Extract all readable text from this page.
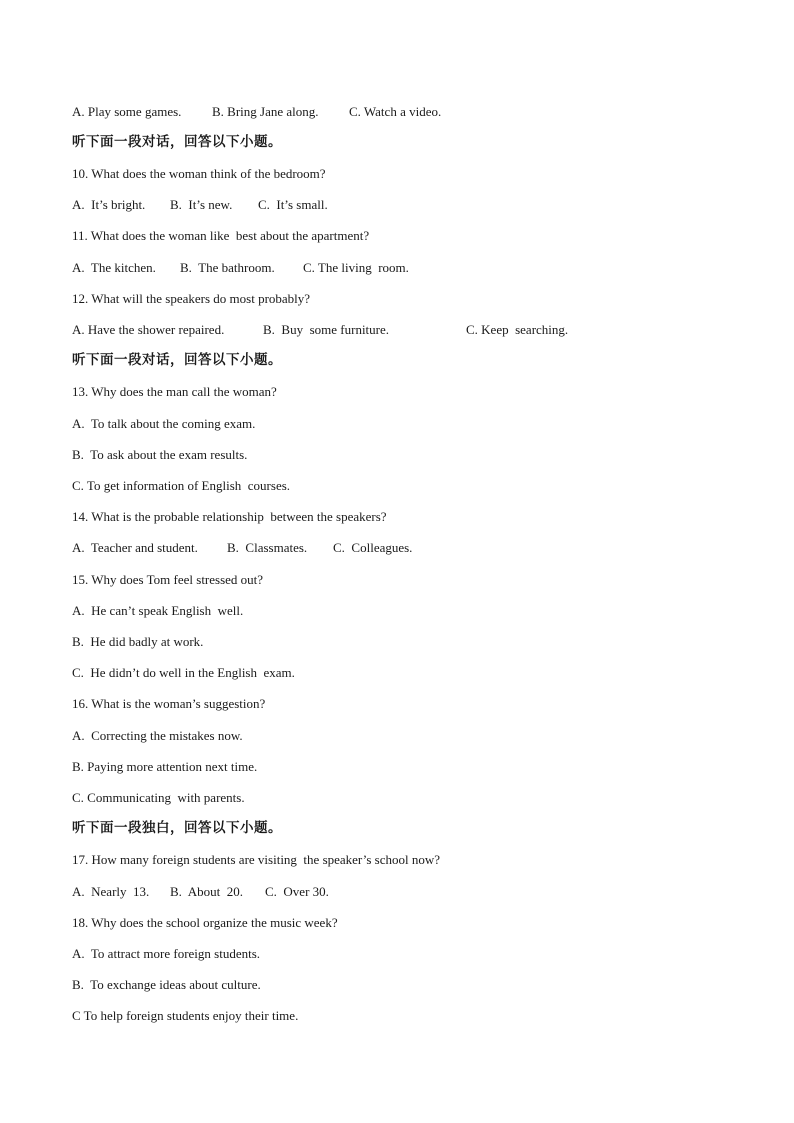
A. Play some games.

B. Bring Jane along.

C. Watch a video.

听下面一段对话，回答以下小题。
10. What does the woman think of the bedroom?

A.  It’s bright.

B.  It’s new.

C.  It’s small.

11. What does the woman like  best about the apartment?

A.  The kitchen.

B.  The bathroom.

C. The living  room.

12. What will the speakers do most probably?

A. Have the shower repaired.

	B.  Buy  some furniture.

	C. Keep  searching.

听下面一段对话，回答以下小题。
13. Why does the man call the woman?
A.  To talk about the coming exam.
B.  To ask about the exam results.
C. To get information of English  courses.
14. What is the probable relationship  between the speakers?

A.  Teacher and student.

B.  Classmates.

C.  Colleagues.

15. Why does Tom feel stressed out?
A.  He can’t speak English  well.
B.  He did badly at work.
C.  He didn’t do well in the English  exam.
16. What is the woman’s suggestion?
A.  Correcting the mistakes now.
B. Paying more attention next time.
C. Communicating  with parents.
听下面一段独白，回答以下小题。
17. How many foreign students are visiting  the speaker’s school now?

A.  Nearly  13.

B.  About  20.

C.  Over 30.

18. Why does the school organize the music week?
A.  To attract more foreign students.
B.  To exchange ideas about culture.
C To help foreign students enjoy their time.
